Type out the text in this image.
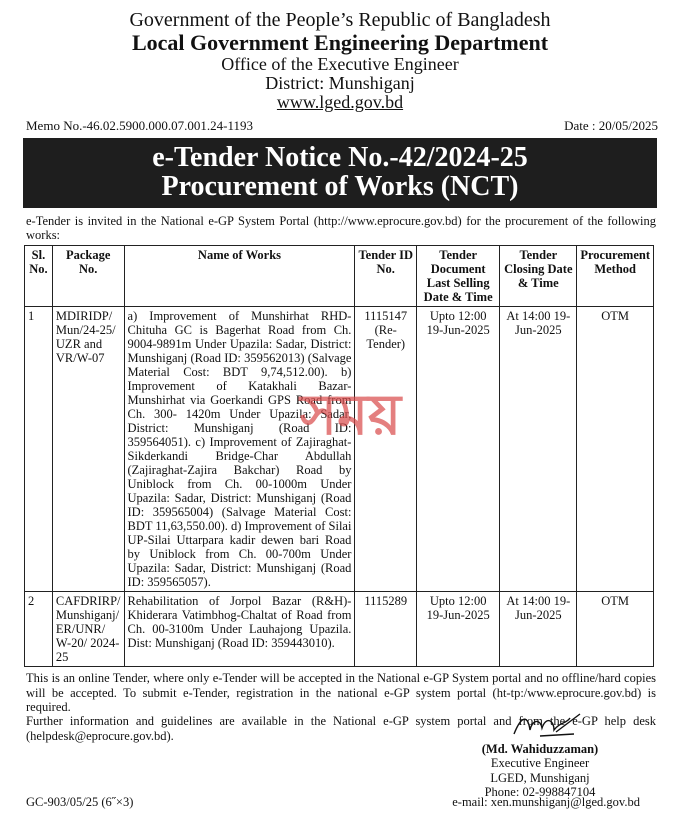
Government of the People’s Republic of Bangladesh
Local Government Engineering Department
Office of the Executive Engineer
District: Munshiganj
www.lged.gov.bd
Memo No.-46.02.5900.000.07.001.24-1193	Date : 20/05/2025
e-Tender Notice No.-42/2024-25
Procurement of Works (NCT)
e-Tender is invited in the National e-GP System Portal (http://www.eprocure.gov.bd) for the procurement of the following works:
Sl. No.	Package No.	Name of Works	Tender ID No.	Tender Document Last Selling Date & Time	Tender Closing Date & Time	Procurement Method
1	MDIRIDP/ Mun/24-25/ UZR and VR/W-07	a) Improvement of Munshirhat RHD-Chituha GC is Bagerhat Road from Ch. 9004-9891m Under Upazila: Sadar, District: Munshiganj (Road ID: 359562013) (Salvage Material Cost: BDT 9,74,512.00). b) Improvement of Katakhali Bazar-Munshirhat via Goerkandi GPS Road from Ch. 300- 1420m Under Upazila: Sadar, District: Munshiganj (Road ID: 359564051). c) Improvement of Zajiraghat-Sikderkandi Bridge-Char Abdullah (Zajiraghat-Zajira Bakchar) Road by Uniblock from Ch. 00-1000m Under Upazila: Sadar, District: Munshiganj (Road ID: 359565004) (Salvage Material Cost: BDT 11,63,550.00). d) Improvement of Silai UP-Silai Uttarpara kadir dewen bari Road by Uniblock from Ch. 00-700m Under Upazila: Sadar, District: Munshiganj (Road ID: 359565057).	1115147 (Re-Tender)	Upto 12:00 19-Jun-2025	At 14:00 19-Jun-2025	OTM
2	CAFDRIRP/ Munshiganj/ ER/UNR/ W-20/ 2024-25	Rehabilitation of Jorpol Bazar (R&H)-Khiderara Vatimbhog-Chaltat of Road from Ch. 00-3100m Under Lauhajong Upazila. Dist: Munshiganj (Road ID: 359443010).	1115289	Upto 12:00 19-Jun-2025	At 14:00 19-Jun-2025	OTM
This is an online Tender, where only e-Tender will be accepted in the National e-GP System portal and no offline/hard copies will be accepted. To submit e-Tender, registration in the national e-GP system portal (ht-tp:/www.eprocure.gov.bd) is required.
Further information and guidelines are available in the National e-GP system portal and from the e-GP help desk (helpdesk@eprocure.gov.bd).
(Md. Wahiduzzaman)
Executive Engineer
LGED, Munshiganj
Phone: 02-998847104
GC-903/05/25 (6˝×3)	e-mail: xen.munshiganj@lged.gov.bd
সময়
